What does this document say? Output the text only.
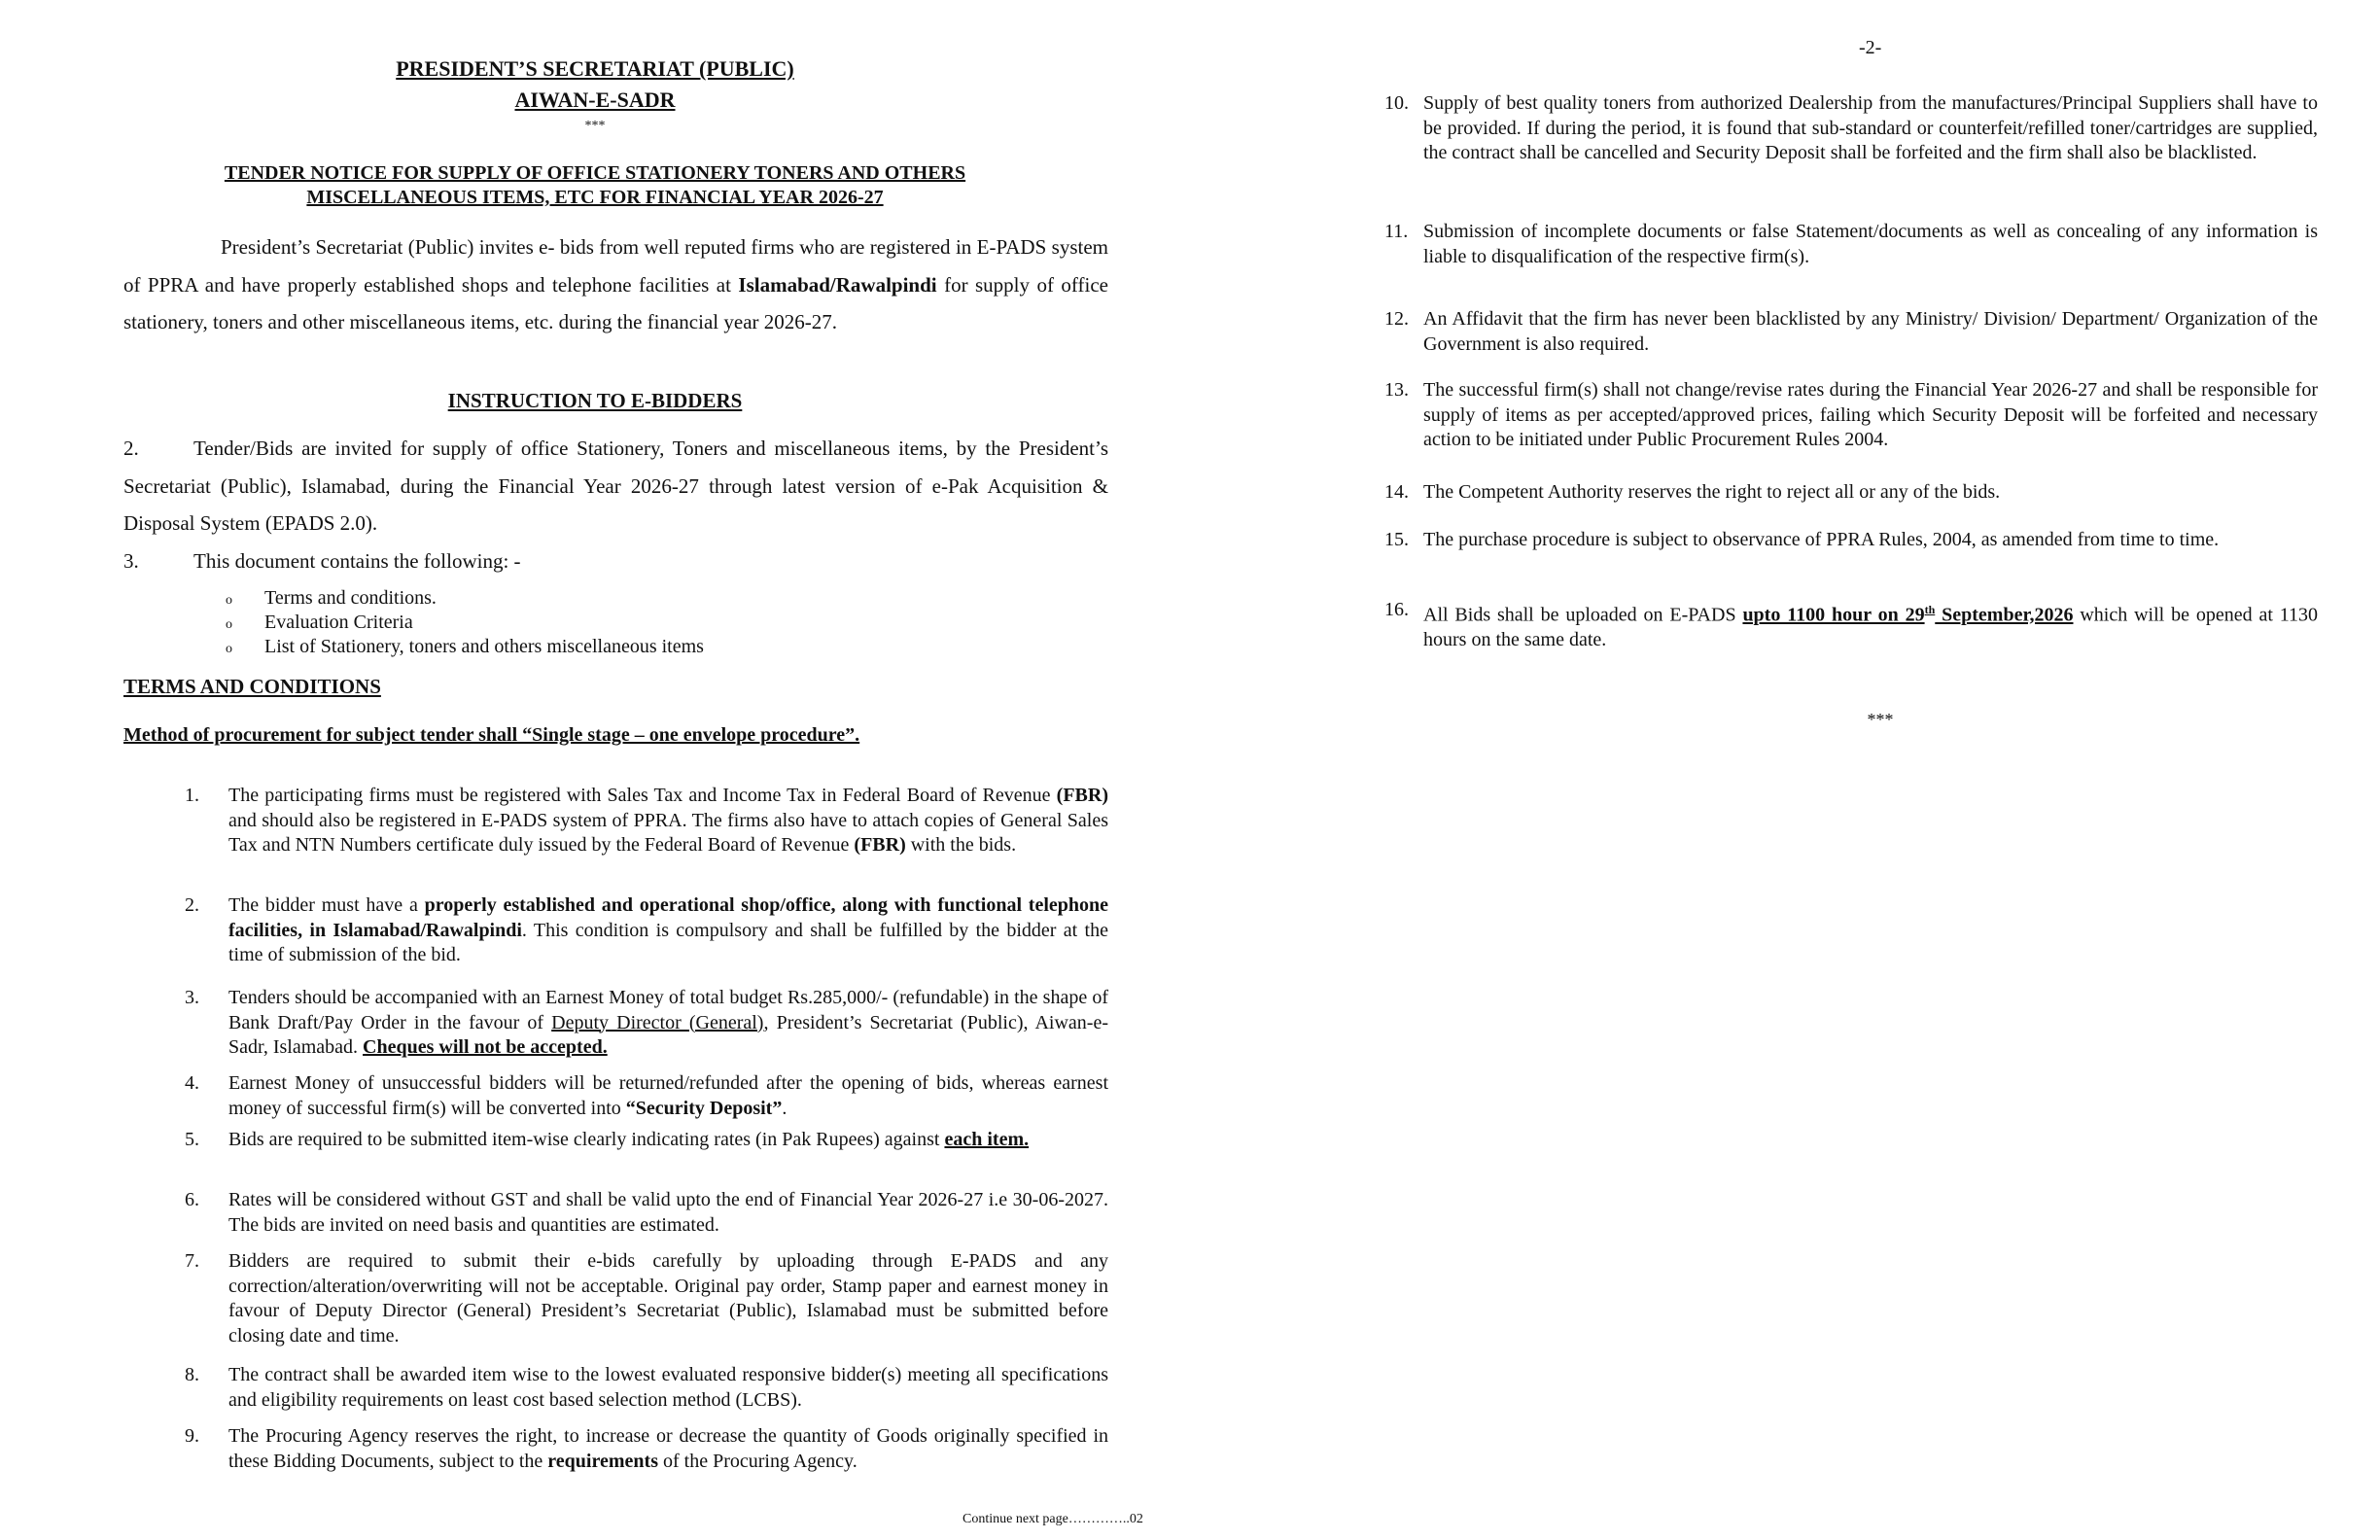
PRESIDENT’S SECRETARIAT (PUBLIC)
AIWAN-E-SADR
***
TENDER NOTICE FOR SUPPLY OF OFFICE STATIONERY TONERS AND OTHERS
MISCELLANEOUS ITEMS, ETC FOR FINANCIAL YEAR 2026-27
President’s Secretariat (Public) invites e- bids from well reputed firms who are registered in E-PADS system of PPRA and have properly established shops and telephone facilities at Islamabad/Rawalpindi for supply of office stationery, toners and other miscellaneous items, etc. during the financial year 2026-27.
INSTRUCTION TO E-BIDDERS
2.	Tender/Bids are invited for supply of office Stationery, Toners and miscellaneous items, by the President’s Secretariat (Public), Islamabad, during the Financial Year 2026-27 through latest version of e-Pak Acquisition & Disposal System (EPADS 2.0).
3.	This document contains the following: -
o Terms and conditions.
o Evaluation Criteria
o List of Stationery, toners and others miscellaneous items
TERMS AND CONDITIONS
Method of procurement for subject tender shall “Single stage – one envelope procedure”.
1.	The participating firms must be registered with Sales Tax and Income Tax in Federal Board of Revenue (FBR) and should also be registered in E-PADS system of PPRA. The firms also have to attach copies of General Sales Tax and NTN Numbers certificate duly issued by the Federal Board of Revenue (FBR) with the bids.
2.	The bidder must have a properly established and operational shop/office, along with functional telephone facilities, in Islamabad/Rawalpindi. This condition is compulsory and shall be fulfilled by the bidder at the time of submission of the bid.
3.	Tenders should be accompanied with an Earnest Money of total budget Rs.285,000/- (refundable) in the shape of Bank Draft/Pay Order in the favour of Deputy Director (General), President’s Secretariat (Public), Aiwan-e-Sadr, Islamabad. Cheques will not be accepted.
4.	Earnest Money of unsuccessful bidders will be returned/refunded after the opening of bids, whereas earnest money of successful firm(s) will be converted into “Security Deposit”.
5.	Bids are required to be submitted item-wise clearly indicating rates (in Pak Rupees) against each item.
6.	Rates will be considered without GST and shall be valid upto the end of Financial Year 2026-27 i.e 30-06-2027. The bids are invited on need basis and quantities are estimated.
7.	Bidders are required to submit their e-bids carefully by uploading through E-PADS and any correction/alteration/overwriting will not be acceptable. Original pay order, Stamp paper and earnest money in favour of Deputy Director (General) President’s Secretariat (Public), Islamabad must be submitted before closing date and time.
8.	The contract shall be awarded item wise to the lowest evaluated responsive bidder(s) meeting all specifications and eligibility requirements on least cost based selection method (LCBS).
9.	The Procuring Agency reserves the right, to increase or decrease the quantity of Goods originally specified in these Bidding Documents, subject to the requirements of the Procuring Agency.
Continue next page…………..02
-2-
10. Supply of best quality toners from authorized Dealership from the manufactures/Principal Suppliers shall have to be provided. If during the period, it is found that sub-standard or counterfeit/refilled toner/cartridges are supplied, the contract shall be cancelled and Security Deposit shall be forfeited and the firm shall also be blacklisted.
11. Submission of incomplete documents or false Statement/documents as well as concealing of any information is liable to disqualification of the respective firm(s).
12. An Affidavit that the firm has never been blacklisted by any Ministry/ Division/ Department/ Organization of the Government is also required.
13. The successful firm(s) shall not change/revise rates during the Financial Year 2026-27 and shall be responsible for supply of items as per accepted/approved prices, failing which Security Deposit will be forfeited and necessary action to be initiated under Public Procurement Rules 2004.
14. The Competent Authority reserves the right to reject all or any of the bids.
15. The purchase procedure is subject to observance of PPRA Rules, 2004, as amended from time to time.
16. All Bids shall be uploaded on E-PADS upto 1100 hour on 29th September,2026 which will be opened at 1130 hours on the same date.
***
